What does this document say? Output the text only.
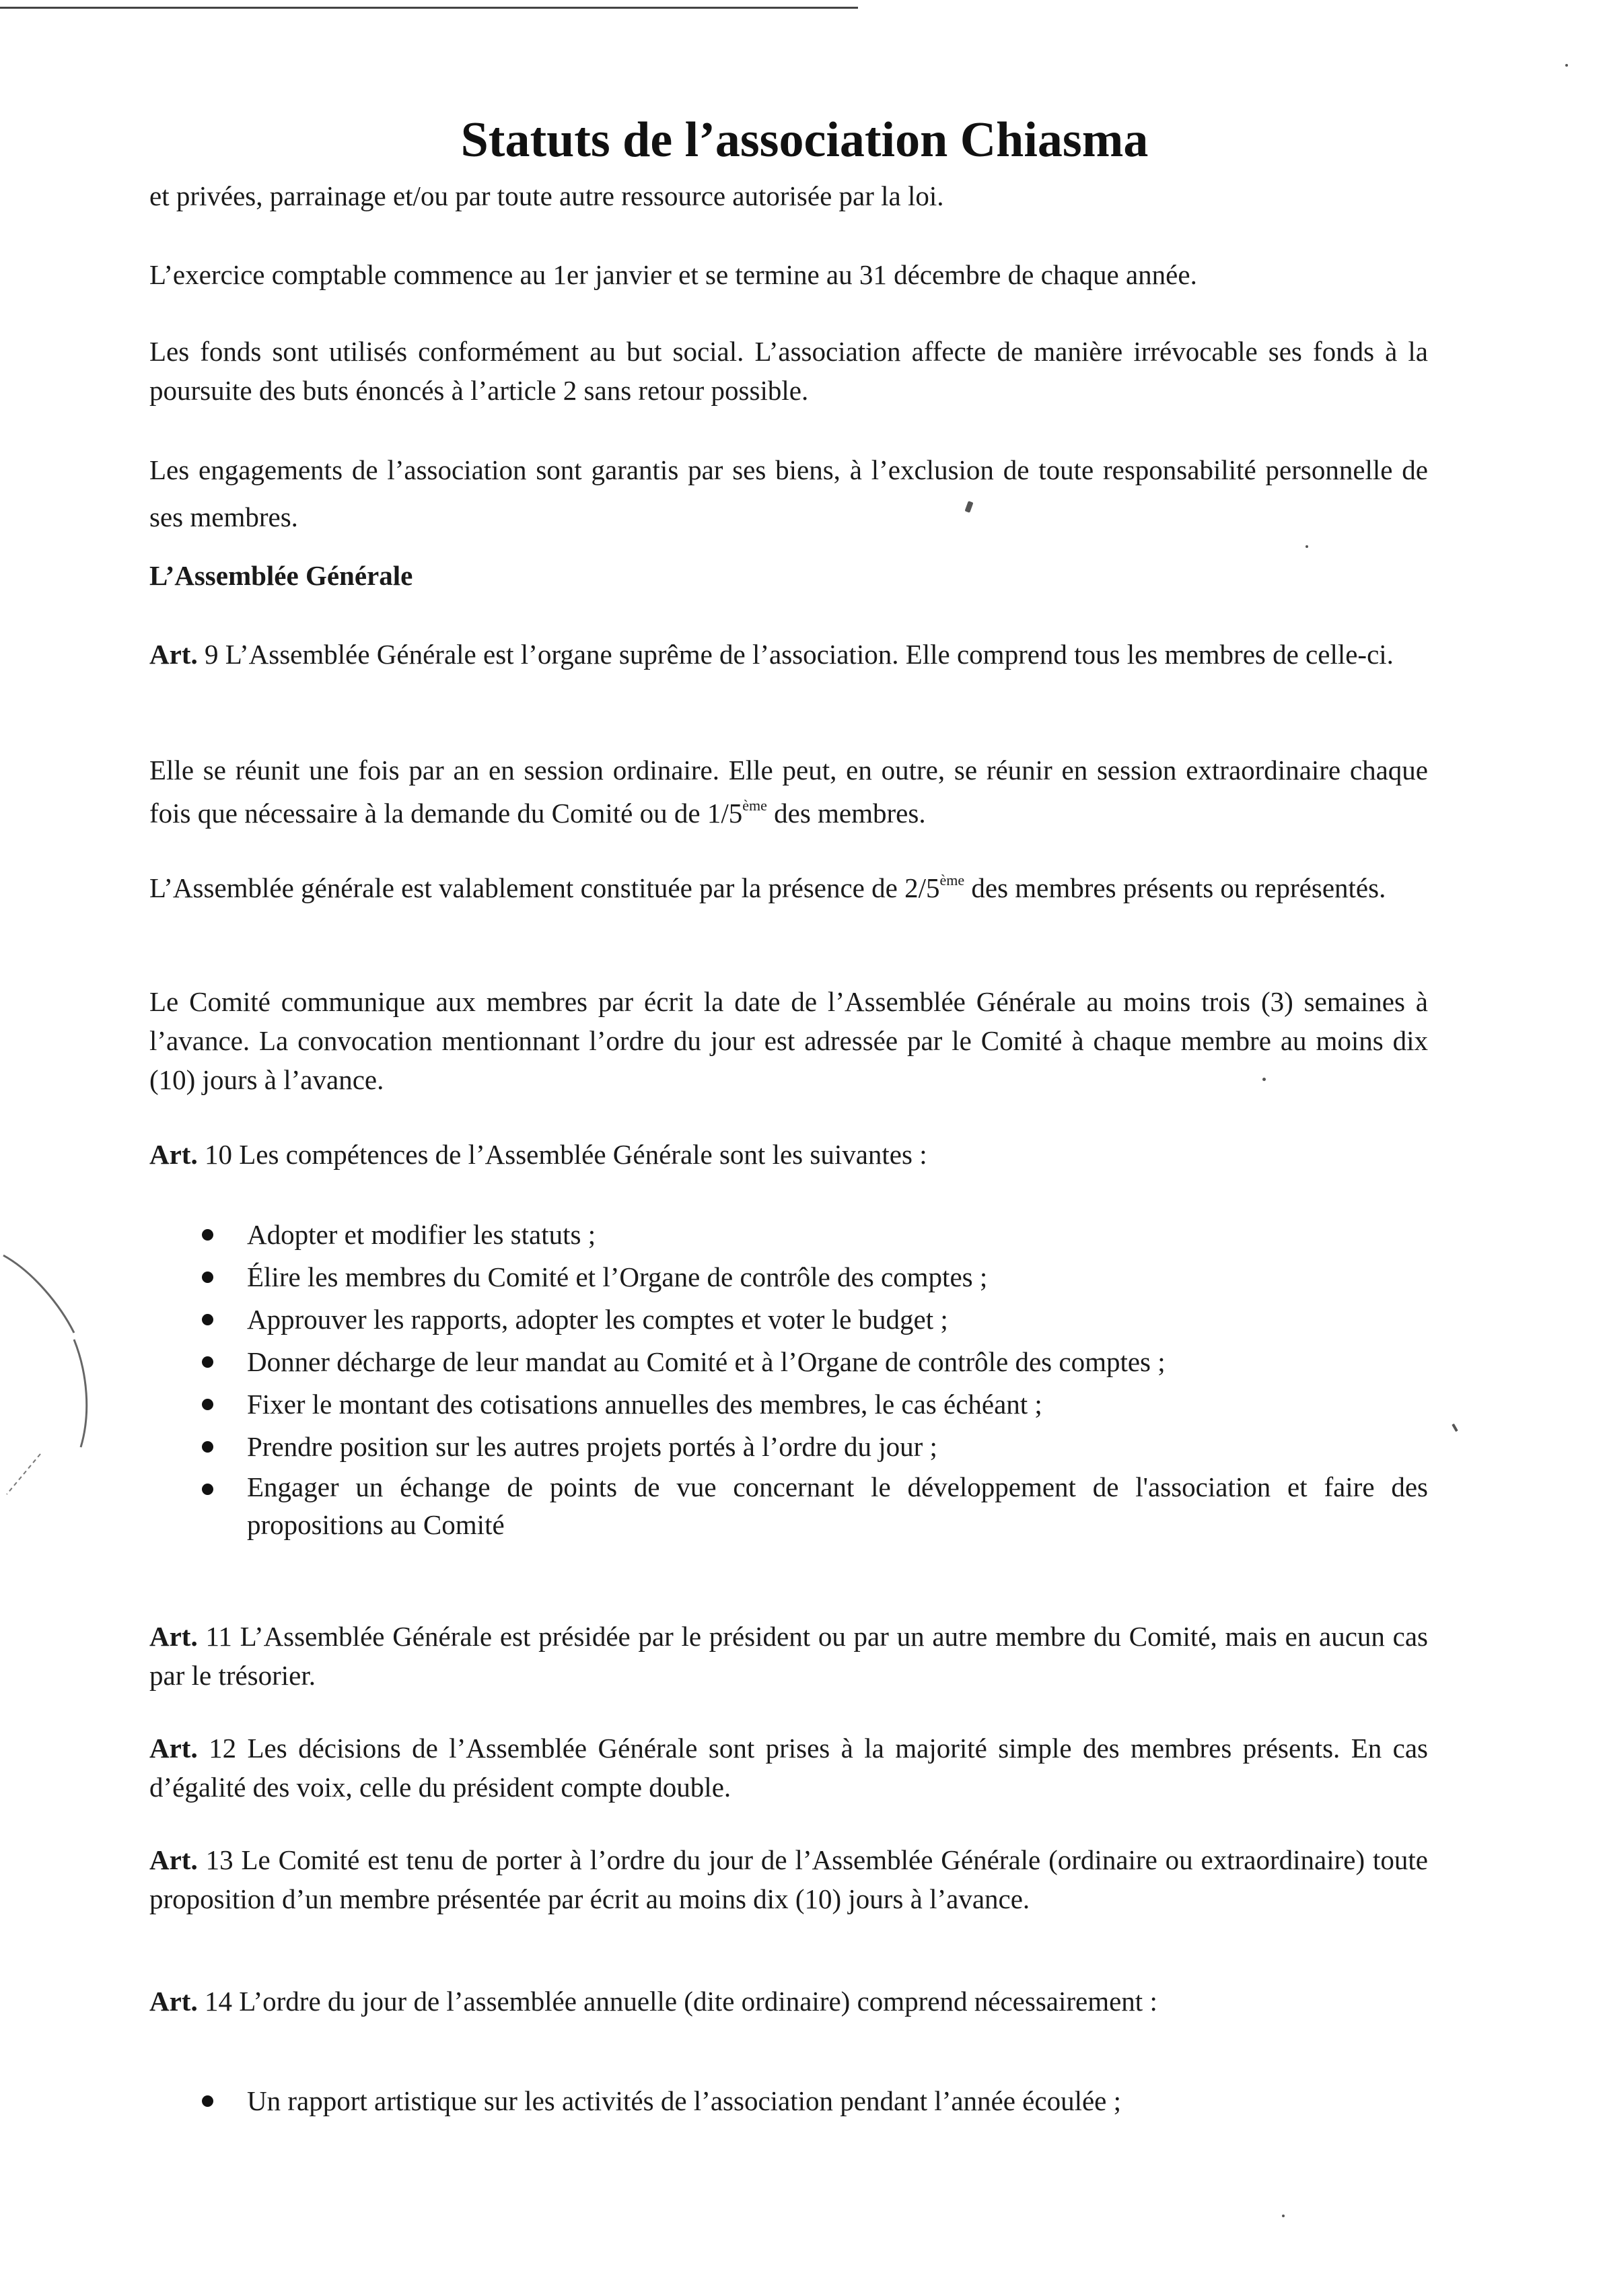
Statuts de l’association Chiasma

et privées, parrainage et/ou par toute autre ressource autorisée par la loi.

L’exercice comptable commence au 1er janvier et se termine au 31 décembre de chaque année.

Les fonds sont utilisés conformément au but social. L’association affecte de manière irrévocable ses fonds à la poursuite des buts énoncés à l’article 2 sans retour possible.

Les engagements de l’association sont garantis par ses biens, à l’exclusion de toute responsabilité personnelle de ses membres.

L’Assemblée Générale

Art. 9 L’Assemblée Générale est l’organe suprême de l’association. Elle comprend tous les membres de celle-ci.

Elle se réunit une fois par an en session ordinaire. Elle peut, en outre, se réunir en session extraordinaire chaque fois que nécessaire à la demande du Comité ou de 1/5ème des membres.

L’Assemblée générale est valablement constituée par la présence de 2/5ème des membres présents ou représentés.

Le Comité communique aux membres par écrit la date de l’Assemblée Générale au moins trois (3) semaines à l’avance. La convocation mentionnant l’ordre du jour est adressée par le Comité à chaque membre au moins dix (10) jours à l’avance.

Art. 10 Les compétences de l’Assemblée Générale sont les suivantes :

Adopter et modifier les statuts ;
Élire les membres du Comité et l’Organe de contrôle des comptes ;
Approuver les rapports, adopter les comptes et voter le budget ;
Donner décharge de leur mandat au Comité et à l’Organe de contrôle des comptes ;
Fixer le montant des cotisations annuelles des membres, le cas échéant ;
Prendre position sur les autres projets portés à l’ordre du jour ;
Engager un échange de points de vue concernant le développement de l'association et faire des propositions au Comité

Art. 11 L’Assemblée Générale est présidée par le président ou par un autre membre du Comité, mais en aucun cas par le trésorier.

Art. 12 Les décisions de l’Assemblée Générale sont prises à la majorité simple des membres présents. En cas d’égalité des voix, celle du président compte double.

Art. 13 Le Comité est tenu de porter à l’ordre du jour de l’Assemblée Générale (ordinaire ou extraordinaire) toute proposition d’un membre présentée par écrit au moins dix (10) jours à l’avance.

Art. 14 L’ordre du jour de l’assemblée annuelle (dite ordinaire) comprend nécessairement :

Un rapport artistique sur les activités de l’association pendant l’année écoulée ;
